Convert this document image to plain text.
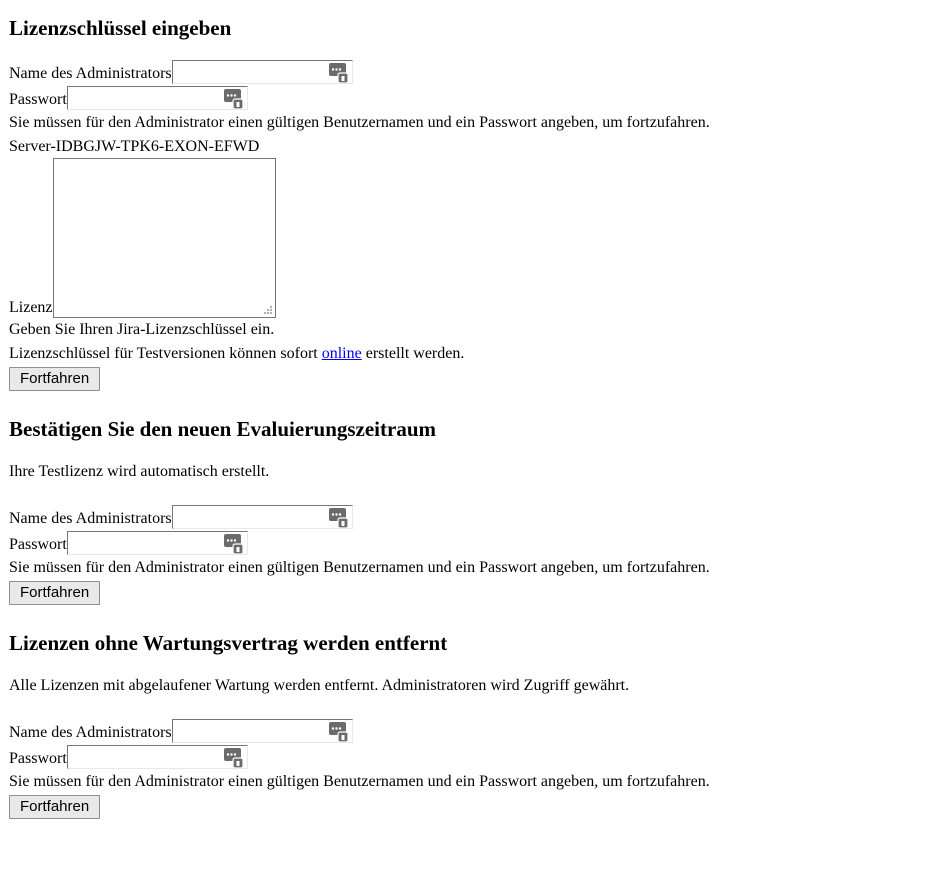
Lizenzschlüssel eingeben
Name des Administrators
Passwort

Sie müssen für den Administrator einen gültigen Benutzernamen und ein Passwort angeben, um fortzufahren.

Server-IDBGJW-TPK6-EXON-EFWD

Lizenz

Geben Sie Ihren Jira-Lizenzschlüssel ein.

Lizenzschlüssel für Testversionen können sofort online erstellt werden.

Fortfahren
Bestätigen Sie den neuen Evaluierungszeitraum

Ihre Testlizenz wird automatisch erstellt.

Name des Administrators
Passwort

Sie müssen für den Administrator einen gültigen Benutzernamen und ein Passwort angeben, um fortzufahren.

Fortfahren
Lizenzen ohne Wartungsvertrag werden entfernt

Alle Lizenzen mit abgelaufener Wartung werden entfernt. Administratoren wird Zugriff gewährt.

Name des Administrators
Passwort

Sie müssen für den Administrator einen gültigen Benutzernamen und ein Passwort angeben, um fortzufahren.

Fortfahren
